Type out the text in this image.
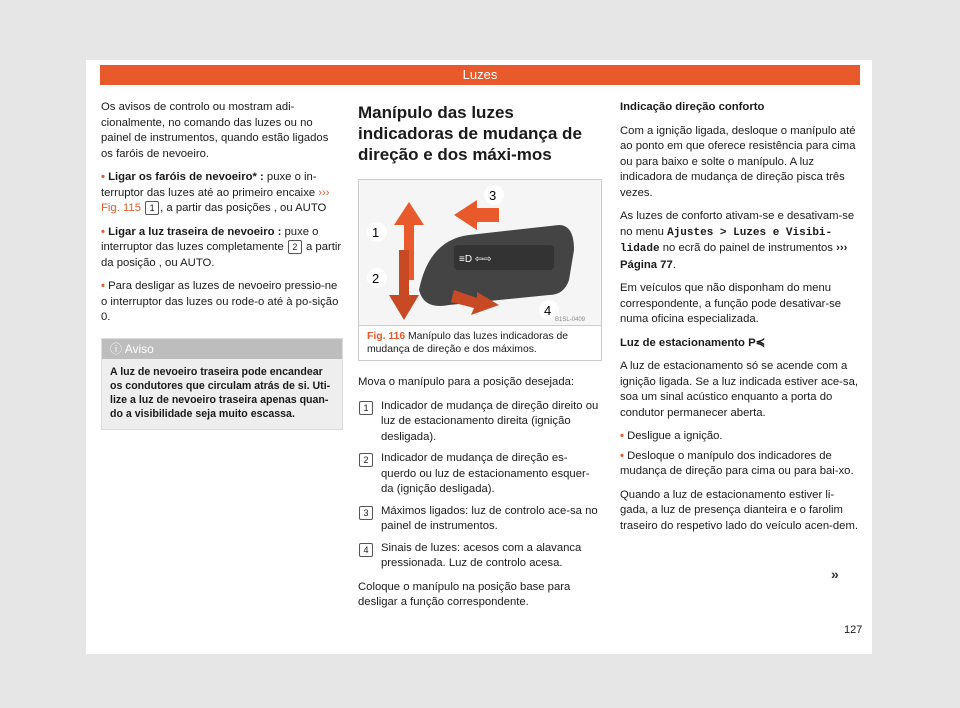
Luzes

Os avisos de controlo ou mostram adi-cionalmente, no comando das luzes ou no painel de instrumentos, quando estão ligados os faróis de nevoeiro.

• Ligar os faróis de nevoeiro* : puxe o in-terruptor das luzes até ao primeiro encaixe ››› Fig. 115 1 , a partir das posições , ou AUTO

• Ligar a luz traseira de nevoeiro : puxe o interruptor das luzes completamente 2 a partir da posição , ou AUTO.

• Para desligar as luzes de nevoeiro pressio-ne o interruptor das luzes ou rode-o até à po-sição 0.

ⓘ Aviso
A luz de nevoeiro traseira pode encandear os condutores que circulam atrás de si. Uti-lize a luz de nevoeiro traseira apenas quan-do a visibilidade seja muito escassa.
Manípulo das luzes indicadoras de mudança de direção e dos máxi-mos
≡D ⇦⇨
1
2
3
4
B1SL-0409
Fig. 116 Manípulo das luzes indicadoras de mudança de direção e dos máximos.

Mova o manípulo para a posição desejada:

1	Indicador de mudança de direção direito ou luz de estacionamento direita (ignição desligada).
2	Indicador de mudança de direção es-querdo ou luz de estacionamento esquer-da (ignição desligada).
3	Máximos ligados: luz de controlo ace-sa no painel de instrumentos.
4	Sinais de luzes: acesos com a alavanca pressionada. Luz de controlo acesa.

Coloque o manípulo na posição base para desligar a função correspondente.

Indicação direção conforto

Com a ignição ligada, desloque o manípulo até ao ponto em que oferece resistência para cima ou para baixo e solte o manípulo. A luz indicadora de mudança de direção pisca três vezes.

As luzes de conforto ativam-se e desativam-se no menu Ajustes > Luzes e Visibi-lidade no ecrã do painel de instrumentos ››› Página 77.

Em veículos que não disponham do menu correspondente, a função pode desativar-se numa oficina especializada.

Luz de estacionamento P≼

A luz de estacionamento só se acende com a ignição ligada. Se a luz indicada estiver ace-sa, soa um sinal acústico enquanto a porta do condutor permanecer aberta.

• Desligue a ignição.

• Desloque o manípulo dos indicadores de mudança de direção para cima ou para bai-xo.

Quando a luz de estacionamento estiver li-gada, a luz de presença dianteira e o farolim traseiro do respetivo lado do veículo acen-dem.

»
127
